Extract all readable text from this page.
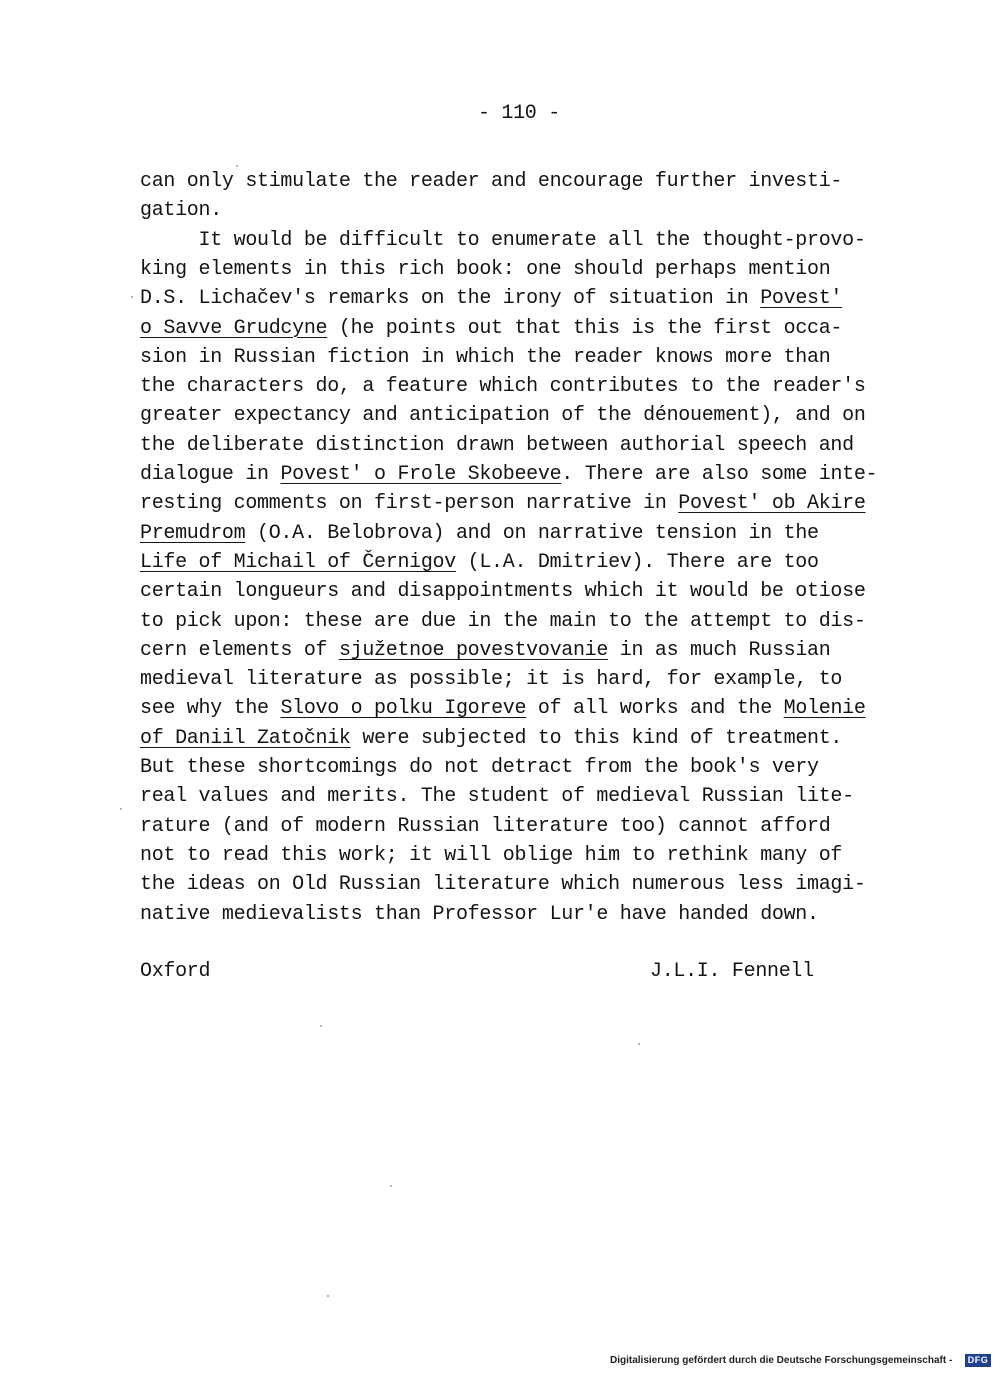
- 110 -
can only stimulate the reader and encourage further investi-
gation.
It would be difficult to enumerate all the thought-provo-
king elements in this rich book: one should perhaps mention
D.S. Lichačev's remarks on the irony of situation in Povest'
o Savve Grudcyne (he points out that this is the first occa-
sion in Russian fiction in which the reader knows more than
the characters do, a feature which contributes to the reader's
greater expectancy and anticipation of the dénouement), and on
the deliberate distinction drawn between authorial speech and
dialogue in Povest' o Frole Skobeeve. There are also some inte-
resting comments on first-person narrative in Povest' ob Akire
Premudrom (O.A. Belobrova) and on narrative tension in the
Life of Michail of Černigov (L.A. Dmitriev). There are too
certain longueurs and disappointments which it would be otiose
to pick upon: these are due in the main to the attempt to dis-
cern elements of sjužetnoe povestvovanie in as much Russian
medieval literature as possible; it is hard, for example, to
see why the Slovo o polku Igoreve of all works and the Molenie
of Daniil Zatočnik were subjected to this kind of treatment.
But these shortcomings do not detract from the book's very
real values and merits. The student of medieval Russian lite-
rature (and of modern Russian literature too) cannot afford
not to read this work; it will oblige him to rethink many of
the ideas on Old Russian literature which numerous less imagi-
native medievalists than Professor Lur'e have handed down.
Oxford	J.L.I. Fennell
Digitalisierung gefördert durch die Deutsche Forschungsgemeinschaft -	DFG
